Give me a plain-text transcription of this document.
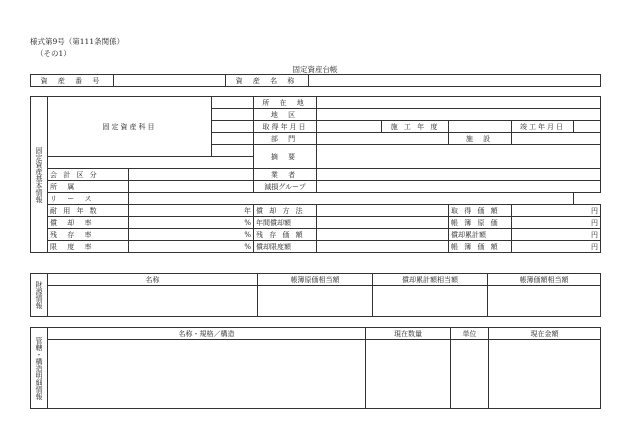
様式第9号（第111条関係）
（その1）
固定資産台帳
資 産 番 号		資 産 名 称	
固定資産基本情報	固定資産科目			所 在 地					
				地 区					
				取得年月日		施 工 年 度		竣工年月日	
				部 門			施 設		
				摘 要					

	会 計 区 分			業 者					
	所 属			減損グループ					
	リ ー ス								
	耐 用 年 数	年		償 却 方 法			取 得 価 額	円	
	償 却 率	%		年間償却額			帳 簿 原 価	円	
	残 存 率	%		残 存 価 額			償却累計額	円	
	限 度 率	%		償却限度額			帳 簿 価 額	円	
財源情報	名称	帳簿原価相当額	償却累計額相当額	帳簿価額相当額

管轄・構造明細情報	名称・規格／構造	現在数量	単位	現在金額
